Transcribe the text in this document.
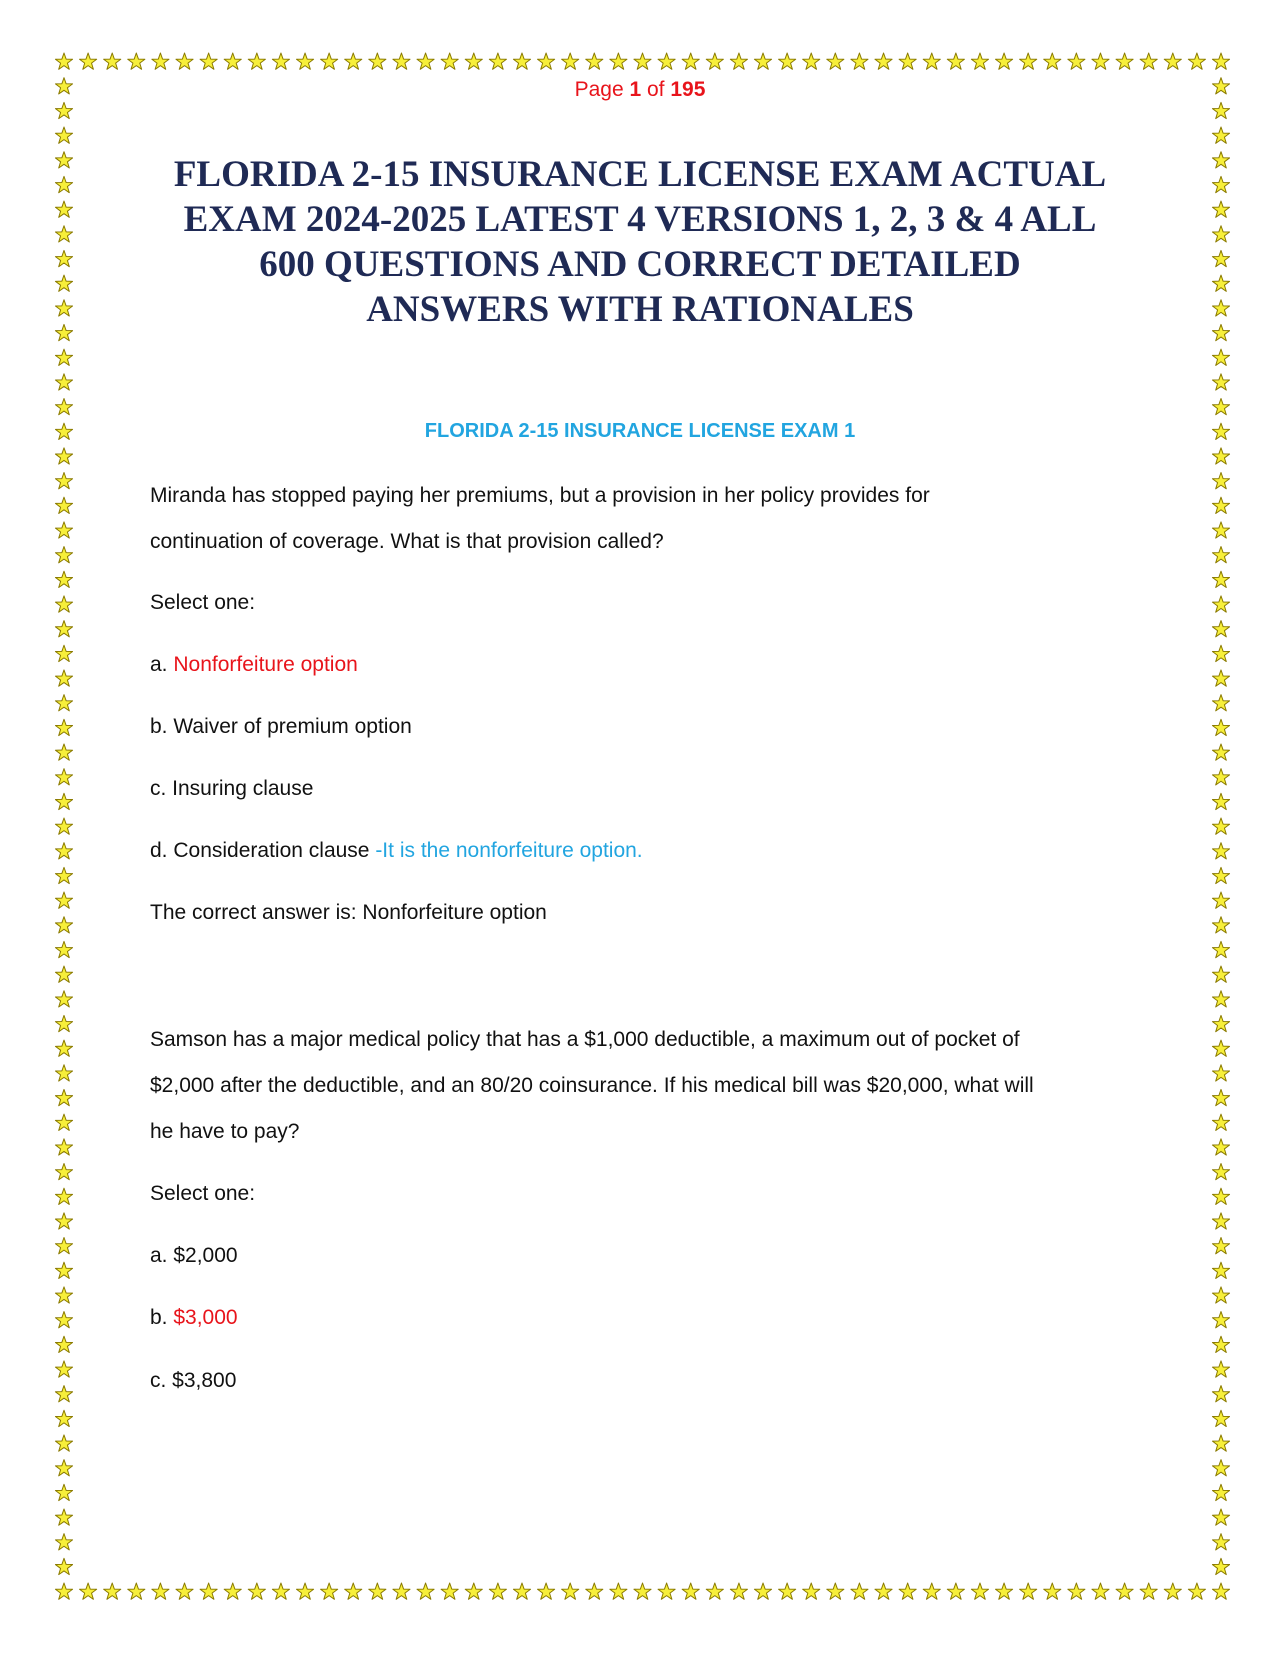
Page 1 of 195
FLORIDA 2-15 INSURANCE LICENSE EXAM ACTUAL
EXAM 2024-2025 LATEST 4 VERSIONS 1, 2, 3 & 4 ALL
600 QUESTIONS AND CORRECT DETAILED
ANSWERS WITH RATIONALES
FLORIDA 2-15 INSURANCE LICENSE EXAM 1
Miranda has stopped paying her premiums, but a provision in her policy provides for
continuation of coverage. What is that provision called?
Select one:
a. Nonforfeiture option
b. Waiver of premium option
c. Insuring clause
d. Consideration clause -It is the nonforfeiture option.
The correct answer is: Nonforfeiture option
Samson has a major medical policy that has a $1,000 deductible, a maximum out of pocket of
$2,000 after the deductible, and an 80/20 coinsurance. If his medical bill was $20,000, what will
he have to pay?
Select one:
a. $2,000
b. $3,000
c. $3,800
